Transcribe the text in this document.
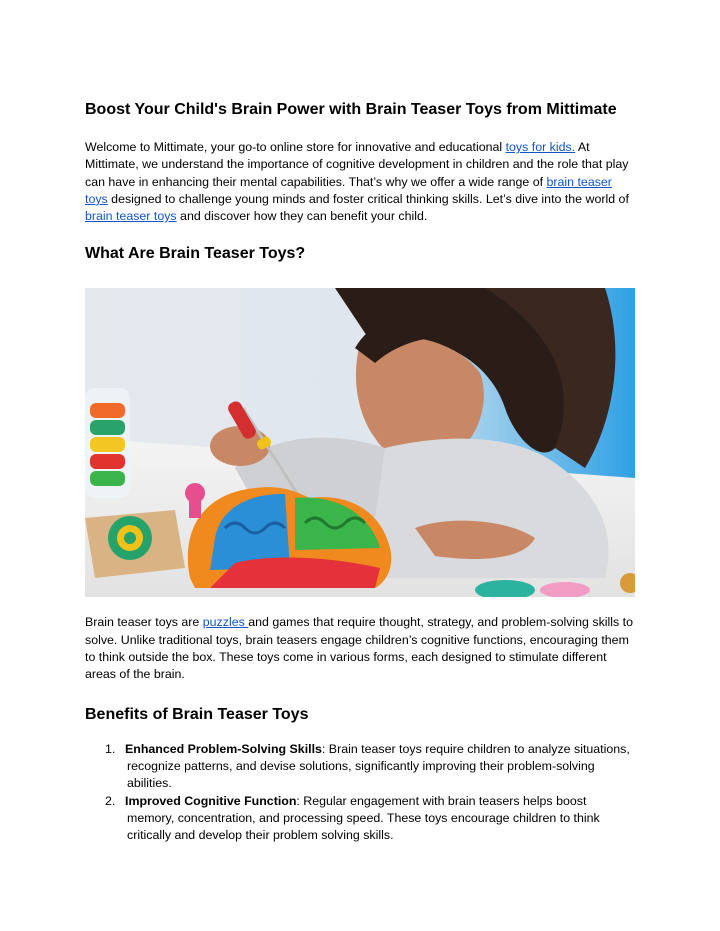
Boost Your Child's Brain Power with Brain Teaser Toys from Mittimate

Welcome to Mittimate, your go-to online store for innovative and educational toys for kids. At Mittimate, we understand the importance of cognitive development in children and the role that play can have in enhancing their mental capabilities. That’s why we offer a wide range of brain teaser toys designed to challenge young minds and foster critical thinking skills. Let’s dive into the world of brain teaser toys and discover how they can benefit your child.

What Are Brain Teaser Toys?

Brain teaser toys are puzzles and games that require thought, strategy, and problem-solving skills to solve. Unlike traditional toys, brain teasers engage children’s cognitive functions, encouraging them to think outside the box. These toys come in various forms, each designed to stimulate different areas of the brain.

Benefits of Brain Teaser Toys
1. Enhanced Problem-Solving Skills: Brain teaser toys require children to analyze situations, recognize patterns, and devise solutions, significantly improving their problem-solving abilities.
2. Improved Cognitive Function: Regular engagement with brain teasers helps boost memory, concentration, and processing speed. These toys encourage children to think critically and develop their problem solving skills.
